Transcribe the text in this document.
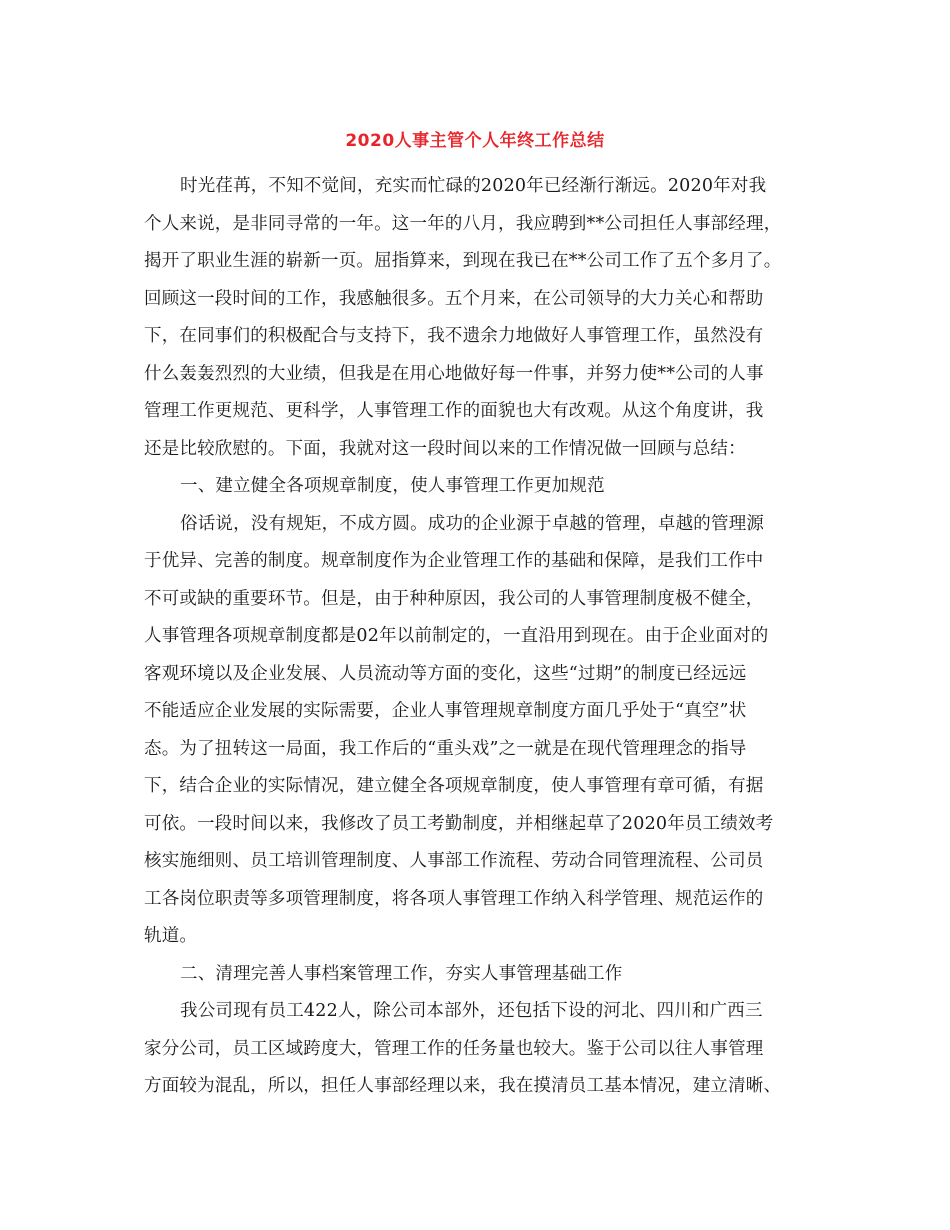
2020人事主管个人年终工作总结
时光荏苒，不知不觉间，充实而忙碌的2020年已经渐行渐远。2020年对我
个人来说，是非同寻常的一年。这一年的八月，我应聘到**公司担任人事部经理，
揭开了职业生涯的崭新一页。屈指算来，到现在我已在**公司工作了五个多月了。
回顾这一段时间的工作，我感触很多。五个月来，在公司领导的大力关心和帮助
下，在同事们的积极配合与支持下，我不遗余力地做好人事管理工作，虽然没有
什么轰轰烈烈的大业绩，但我是在用心地做好每一件事，并努力使**公司的人事
管理工作更规范、更科学，人事管理工作的面貌也大有改观。从这个角度讲，我
还是比较欣慰的。下面，我就对这一段时间以来的工作情况做一回顾与总结：
一、建立健全各项规章制度，使人事管理工作更加规范
俗话说，没有规矩，不成方圆。成功的企业源于卓越的管理，卓越的管理源
于优异、完善的制度。规章制度作为企业管理工作的基础和保障，是我们工作中
不可或缺的重要环节。但是，由于种种原因，我公司的人事管理制度极不健全，
人事管理各项规章制度都是02年以前制定的，一直沿用到现在。由于企业面对的
客观环境以及企业发展、人员流动等方面的变化，这些“过期”的制度已经远远
不能适应企业发展的实际需要，企业人事管理规章制度方面几乎处于“真空”状
态。为了扭转这一局面，我工作后的“重头戏”之一就是在现代管理理念的指导
下，结合企业的实际情况，建立健全各项规章制度，使人事管理有章可循，有据
可依。一段时间以来，我修改了员工考勤制度，并相继起草了2020年员工绩效考
核实施细则、员工培训管理制度、人事部工作流程、劳动合同管理流程、公司员
工各岗位职责等多项管理制度，将各项人事管理工作纳入科学管理、规范运作的
轨道。
二、清理完善人事档案管理工作，夯实人事管理基础工作
我公司现有员工422人，除公司本部外，还包括下设的河北、四川和广西三
家分公司，员工区域跨度大，管理工作的任务量也较大。鉴于公司以往人事管理
方面较为混乱，所以，担任人事部经理以来，我在摸清员工基本情况，建立清晰、
